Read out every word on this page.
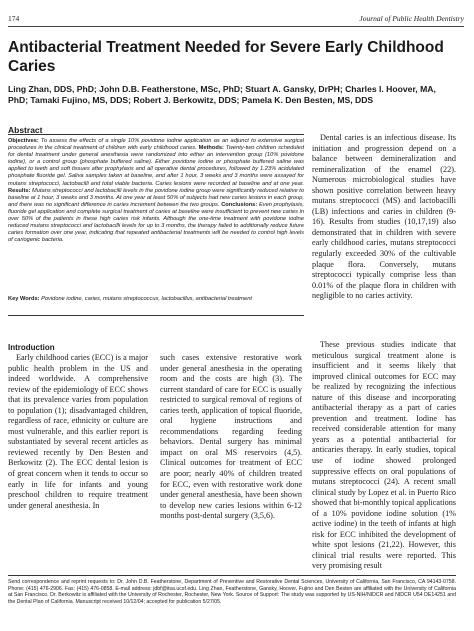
174	Journal of Public Health Dentistry
Antibacterial Treatment Needed for Severe Early Childhood Caries

Ling Zhan, DDS, PhD; John D.B. Featherstone, MSc, PhD; Stuart A. Gansky, DrPH; Charles I. Hoover, MA, PhD; Tamaki Fujino, MS, DDS; Robert J. Berkowitz, DDS; Pamela K. Den Besten, MS, DDS

Abstract

Objectives: To assess the effects of a single 10% povidone iodine application as an adjunct to extensive surgical procedures in the clinical treatment of children with early childhood caries. Methods: Twenty-two children scheduled for dental treatment under general anesthesia were randomized into either an intervention group (10% povidone iodine), or a control group (phosphate buffered saline). Either povidone iodine or phosphate buffered saline was applied to teeth and soft tissues after prophylaxis and all operative dental procedures, followed by 1.23% acidulated phosphate fluoride gel. Saliva samples taken at baseline, and after 1 hour, 3 weeks and 3 months were assayed for mutans streptococci, lactobacilli and total viable bacteria. Caries lesions were recorded at baseline and at one year. Results: Mutans streptococci and lactobacilli levels in the povidone iodine group were significantly reduced relative to baseline at 1 hour, 3 weeks and 3 months. At one year at least 50% of subjects had new caries lesions in each group, and there was no significant difference in caries increment between the two groups. Conclusions: Even prophylaxis, fluoride gel application and complete surgical treatment of caries at baseline were insufficient to prevent new caries in over 50% of the patients in these high caries risk infants. Although the one-time treatment with povidone iodine reduced mutans streptococci and lactobacilli levels for up to 3 months, the therapy failed to additionally reduce future caries formation over one year, indicating that repeated antibacterial treatments will be needed to control high levels of cariogenic bacteria.

Key Words: Povidone iodine, caries, mutans streptococcus, lactobacillus, antibacterial treatment

Introduction

Early childhood caries (ECC) is a major public health problem in the US and indeed worldwide. A comprehensive review of the epidemiology of ECC shows that its prevalence varies from population to population (1); disadvantaged children, regardless of race, ethnicity or culture are most vulnerable, and this earlier report is substantiated by several recent articles as reviewed recently by Den Besten and Berkowitz (2). The ECC dental lesion is of great concern when it tends to occur so early in life for infants and young preschool children to require treatment under general anesthesia. In

such cases extensive restorative work under general anesthesia in the operating room and the costs are high (3). The current standard of care for ECC is usually restricted to surgical removal of regions of caries teeth, application of topical fluoride, oral hygiene instructions and recommendations regarding feeding behaviors. Dental surgery has minimal impact on oral MS reservoirs (4,5). Clinical outcomes for treatment of ECC are poor; nearly 40% of children treated for ECC, even with restorative work done under general anesthesia, have been shown to develop new caries lesions within 6-12 months post-dental surgery (3,5,6).

Dental caries is an infectious disease. Its initiation and progression depend on a balance between demineralization and remineralization of the enamel (22). Numerous microbiological studies have shown positive correlation between heavy mutans streptococci (MS) and lactobacilli (LB) infections and caries in children (9-16). Results from studies (10,17,19) also demonstrated that in children with severe early childhood caries, mutans streptococci regularly exceeded 30% of the cultivable plaque flora. Conversely, mutans streptococci typically comprise less than 0.01% of the plaque flora in children with negligible to no caries activity.

These previous studies indicate that meticulous surgical treatment alone is insufficient and it seems likely that improved clinical outcomes for ECC may be realized by recognizing the infectious nature of this disease and incorporating antibacterial therapy as a part of caries prevention and treatment. Iodine has received considerable attention for many years as a potential antibacterial for anticaries therapy. In early studies, topical use of iodine showed prolonged suppressive effects on oral populations of mutans streptococci (24). A recent small clinical study by Lopez et al. in Puerto Rico showed that bi-monthly topical applications of a 10% povidone iodine solution (1% active iodine) in the teeth of infants at high risk for ECC inhibited the development of white spot lesions (21,22). However, this clinical trial results were reported. This very promising result

Send correspondence and reprint requests to: Dr. John D.B. Featherstone, Department of Preventive and Restorative Dental Sciences, University of California, San Francisco, CA 94143-0758. Phone: (415) 476-2906. Fax: (415) 476-0858. E-mail address: jdbf@itsa.ucsf.edu. Ling Zhan, Featherstone, Gansky, Hoover, Fujino and Den Besten are affiliated with the University of California at San Francisco. Dr. Berkowitz is affiliated with the University of Rochester, Rochester, New York. Source of Support: The study was supported by US-NIH/NIDCR and NIDCR U54 DE14251 and the Dental Plan of California. Manuscript received 10/12/04; accepted for publication 5/27/05.
